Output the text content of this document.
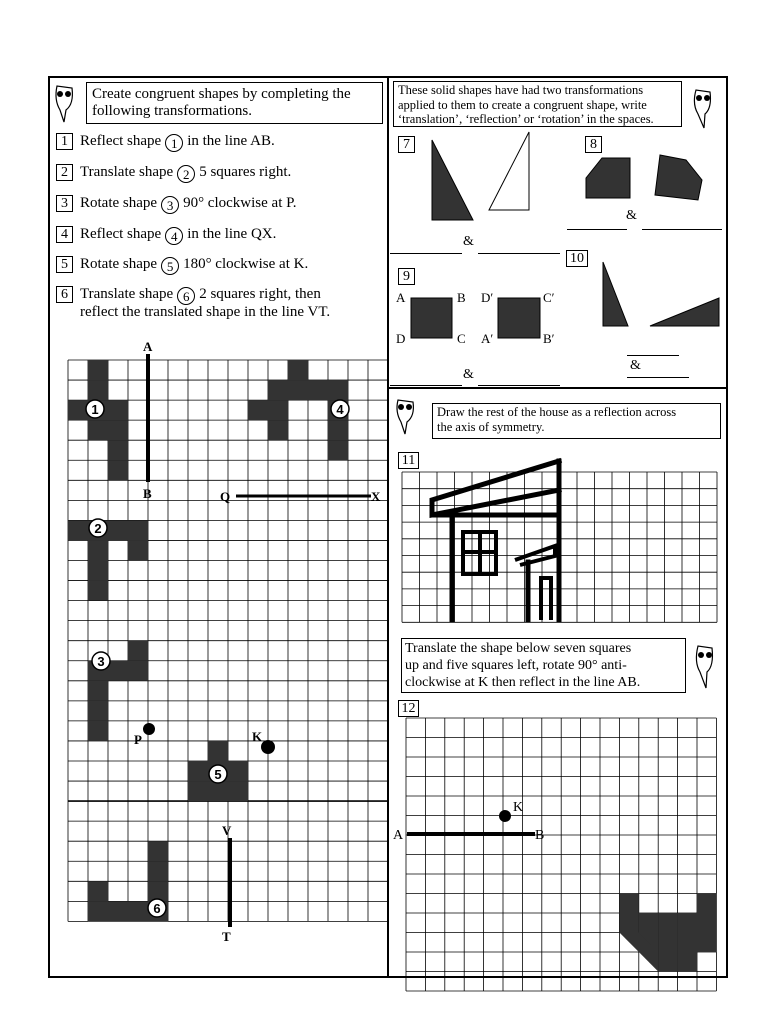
Create congruent shapes by completing the
following transformations.
1 Reflect shape 1 in the line AB.
2 Translate shape 2 5 squares right.
3 Rotate shape 3 90° clockwise at P.
4 Reflect shape 4 in the line QX.
5 Rotate shape 5 180° clockwise at K.
6 Translate shape 6 2 squares right, then
reflect the translated shape in the line VT.
1
2
3
4
5
6
A
B	Q	X
P	K
V
T
These solid shapes have had two transformations
applied to them to create a congruent shape, write
‘translation’, ‘reflection’ or ‘rotation’ in the spaces.
7	8
9
10
&
&
&
&
A	B
D	C
D′	C′
A′	B′
Draw the rest of the house as a reflection across
the axis of symmetry.
11
Translate the shape below seven squares
up and five squares left, rotate 90° anti-
clockwise at K then reflect in the line AB.
12
K
A	B
